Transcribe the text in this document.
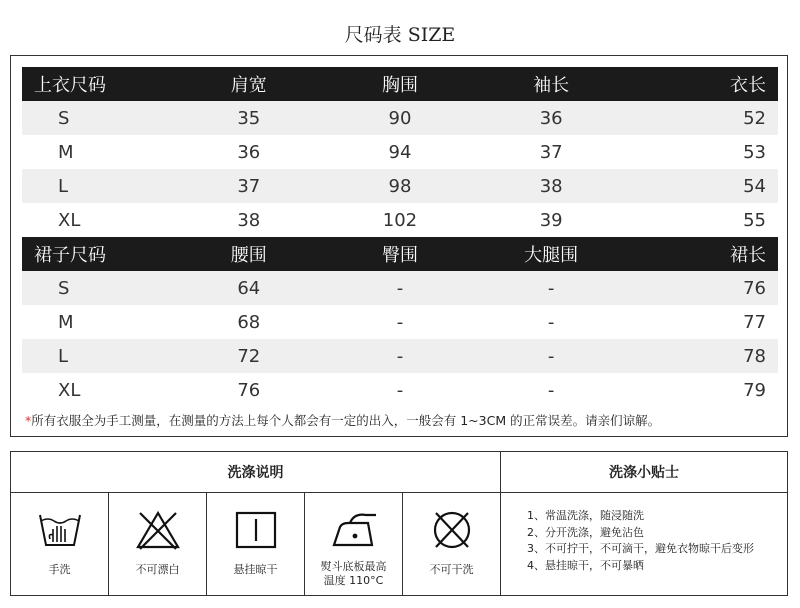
尺码表 SIZE
上衣尺码	肩宽	胸围	袖长	衣长
S	35	90	36	52
M	36	94	37	53
L	37	98	38	54
XL	38	102	39	55
裙子尺码	腰围	臀围	大腿围	裙长
S	64	-	-	76
M	68	-	-	77
L	72	-	-	78
XL	76	-	-	79
*所有衣服全为手工测量，在测量的方法上每个人都会有一定的出入，一般会有 1~3CM 的正常误差。请亲们谅解。
洗涤说明	洗涤小贴士
手洗	不可漂白	悬挂晾干	熨斗底板最高
温度 110°C
不可干洗
1、常温洗涤，随浸随洗
2、分开洗涤，避免沾色
3、不可拧干，不可滴干，避免衣物晾干后变形
4、悬挂晾干，不可暴晒
